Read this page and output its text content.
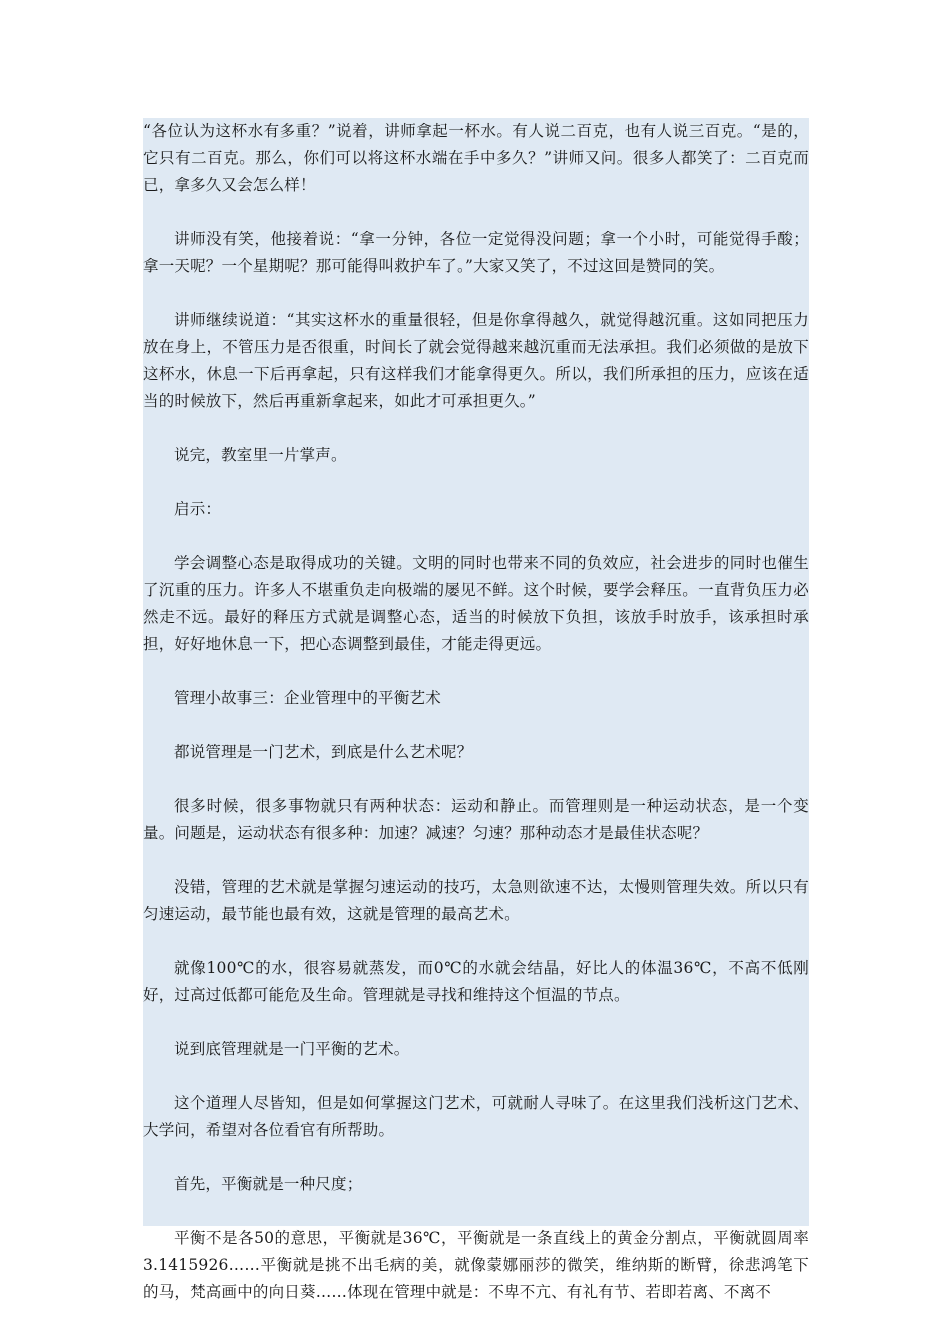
“各位认为这杯水有多重？”说着，讲师拿起一杯水。有人说二百克，也有人说三百克。“是的，它只有二百克。那么，你们可以将这杯水端在手中多久？”讲师又问。很多人都笑了：二百克而已，拿多久又会怎么样！

讲师没有笑，他接着说：“拿一分钟，各位一定觉得没问题；拿一个小时，可能觉得手酸；拿一天呢？一个星期呢？那可能得叫救护车了。”大家又笑了，不过这回是赞同的笑。

讲师继续说道：“其实这杯水的重量很轻，但是你拿得越久，就觉得越沉重。这如同把压力放在身上，不管压力是否很重，时间长了就会觉得越来越沉重而无法承担。我们必须做的是放下这杯水，休息一下后再拿起，只有这样我们才能拿得更久。所以，我们所承担的压力，应该在适当的时候放下，然后再重新拿起来，如此才可承担更久。”

说完，教室里一片掌声。

启示：

学会调整心态是取得成功的关键。文明的同时也带来不同的负效应，社会进步的同时也催生了沉重的压力。许多人不堪重负走向极端的屡见不鲜。这个时候，要学会释压。一直背负压力必然走不远。最好的释压方式就是调整心态，适当的时候放下负担，该放手时放手，该承担时承担，好好地休息一下，把心态调整到最佳，才能走得更远。

管理小故事三：企业管理中的平衡艺术

都说管理是一门艺术，到底是什么艺术呢？

很多时候，很多事物就只有两种状态：运动和静止。而管理则是一种运动状态，是一个变量。问题是，运动状态有很多种：加速？减速？匀速？那种动态才是最佳状态呢？

没错，管理的艺术就是掌握匀速运动的技巧，太急则欲速不达，太慢则管理失效。所以只有匀速运动，最节能也最有效，这就是管理的最高艺术。

就像100℃的水，很容易就蒸发，而0℃的水就会结晶，好比人的体温36℃，不高不低刚好，过高过低都可能危及生命。管理就是寻找和维持这个恒温的节点。

说到底管理就是一门平衡的艺术。

这个道理人尽皆知，但是如何掌握这门艺术，可就耐人寻味了。在这里我们浅析这门艺术、大学问，希望对各位看官有所帮助。

首先，平衡就是一种尺度；

平衡不是各50的意思，平衡就是36℃，平衡就是一条直线上的黄金分割点，平衡就圆周率3.1415926……平衡就是挑不出毛病的美，就像蒙娜丽莎的微笑，维纳斯的断臂，徐悲鸿笔下的马，梵高画中的向日葵……体现在管理中就是：不卑不亢、有礼有节、若即若离、不离不
